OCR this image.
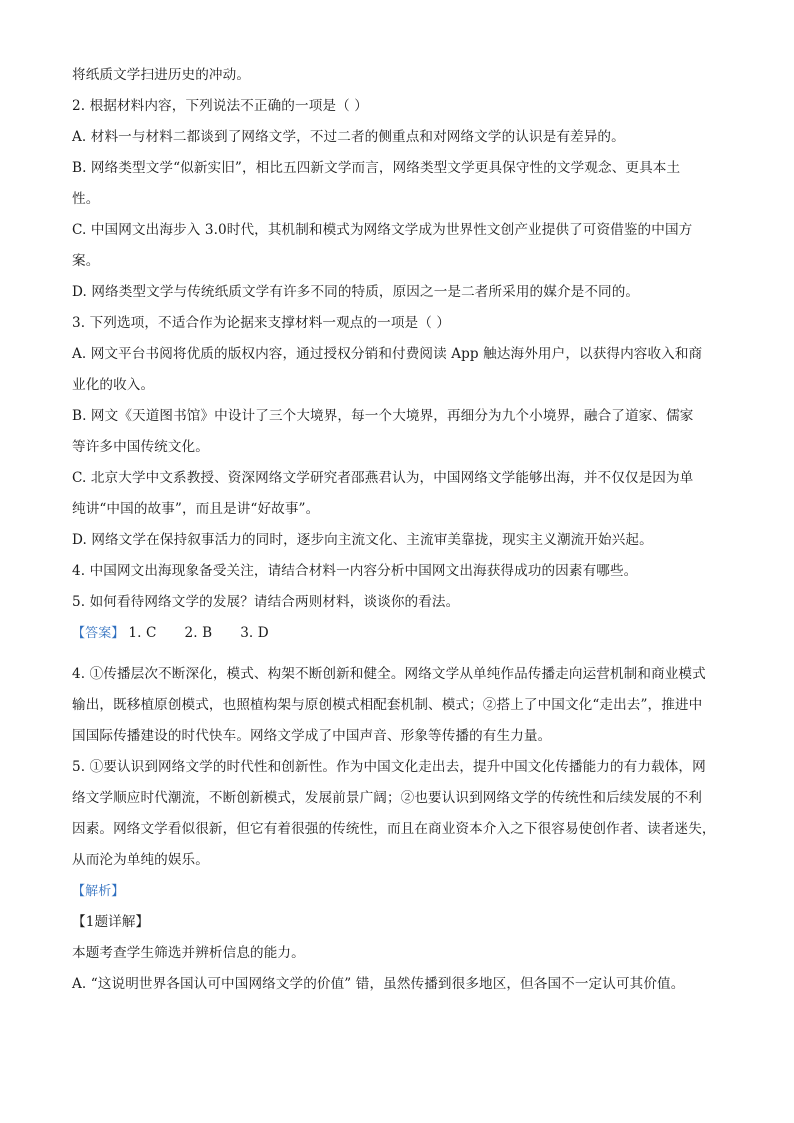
将纸质文学扫进历史的冲动。
2. 根据材料内容，下列说法不正确的一项是（ ）
A. 材料一与材料二都谈到了网络文学，不过二者的侧重点和对网络文学的认识是有差异的。
B. 网络类型文学“似新实旧”，相比五四新文学而言，网络类型文学更具保守性的文学观念、更具本土
性。
C. 中国网文出海步入 3.0时代，其机制和模式为网络文学成为世界性文创产业提供了可资借鉴的中国方
案。
D. 网络类型文学与传统纸质文学有许多不同的特质，原因之一是二者所采用的媒介是不同的。
3. 下列选项，不适合作为论据来支撑材料一观点的一项是（ ）
A. 网文平台书阅将优质的版权内容，通过授权分销和付费阅读 App 触达海外用户，以获得内容收入和商
业化的收入。
B. 网文《天道图书馆》中设计了三个大境界，每一个大境界，再细分为九个小境界，融合了道家、儒家
等许多中国传统文化。
C. 北京大学中文系教授、资深网络文学研究者邵燕君认为，中国网络文学能够出海，并不仅仅是因为单
纯讲“中国的故事”，而且是讲“好故事”。
D. 网络文学在保持叙事活力的同时，逐步向主流文化、主流审美靠拢，现实主义潮流开始兴起。
4. 中国网文出海现象备受关注，请结合材料一内容分析中国网文出海获得成功的因素有哪些。
5. 如何看待网络文学的发展？请结合两则材料，谈谈你的看法。
【答案】 1. C 2. B 3. D
4. ①传播层次不断深化，模式、构架不断创新和健全。网络文学从单纯作品传播走向运营机制和商业模式
输出，既移植原创模式，也照植构架与原创模式相配套机制、模式；②搭上了中国文化“走出去”，推进中
国国际传播建设的时代快车。网络文学成了中国声音、形象等传播的有生力量。
5. ①要认识到网络文学的时代性和创新性。作为中国文化走出去，提升中国文化传播能力的有力载体，网
络文学顺应时代潮流，不断创新模式，发展前景广阔；②也要认识到网络文学的传统性和后续发展的不利
因素。网络文学看似很新，但它有着很强的传统性，而且在商业资本介入之下很容易使创作者、读者迷失，
从而沦为单纯的娱乐。
【解析】
【1题详解】
本题考查学生筛选并辨析信息的能力。
A. “这说明世界各国认可中国网络文学的价值” 错，虽然传播到很多地区，但各国不一定认可其价值。
